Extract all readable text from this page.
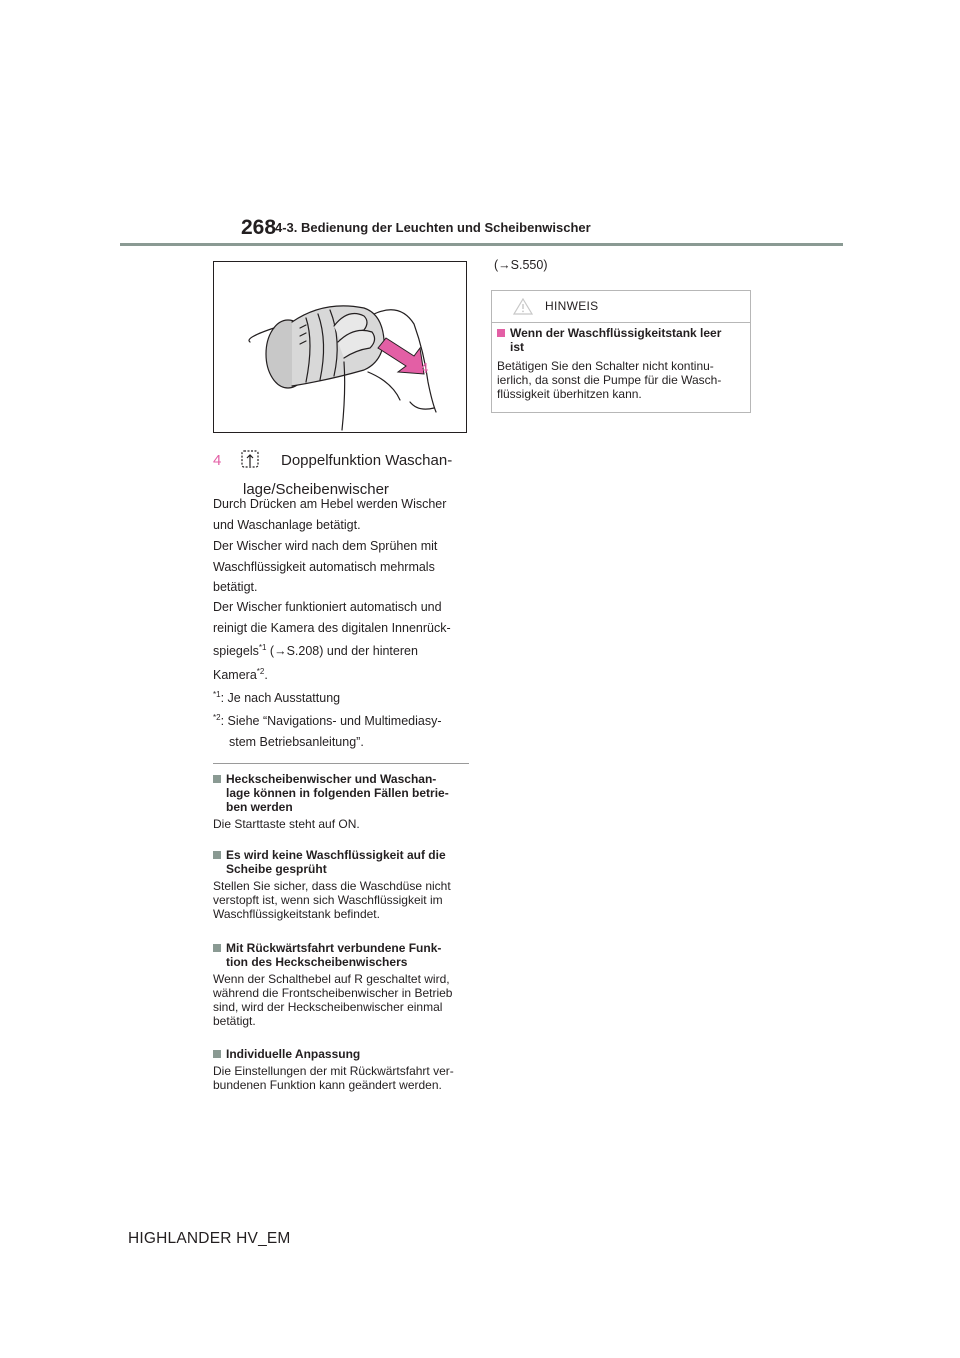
268
4-3. Bedienung der Leuchten und Scheibenwischer
4
4	Doppelfunktion Waschan-
lage/Scheibenwischer
Durch Drücken am Hebel werden Wischer
und Waschanlage betätigt.
Der Wischer wird nach dem Sprühen mit
Waschflüssigkeit automatisch mehrmals
betätigt.
Der Wischer funktioniert automatisch und
reinigt die Kamera des digitalen Innenrück-
spiegels$^{*1}$ (→S.208) und der hinteren
Kamera$^{*2}$.
$^{*1}$: Je nach Ausstattung
$^{*2}$: Siehe “Navigations- und Multimediasy-
stem Betriebsanleitung”.
Heckscheibenwischer und Waschan-
lage können in folgenden Fällen betrie-
ben werden
Die Starttaste steht auf ON.
Es wird keine Waschflüssigkeit auf die
Scheibe gesprüht
Stellen Sie sicher, dass die Waschdüse nicht
verstopft ist, wenn sich Waschflüssigkeit im
Waschflüssigkeitstank befindet.
Mit Rückwärtsfahrt verbundene Funk-
tion des Heckscheibenwischers
Wenn der Schalthebel auf R geschaltet wird,
während die Frontscheibenwischer in Betrieb
sind, wird der Heckscheibenwischer einmal
betätigt.
Individuelle Anpassung
Die Einstellungen der mit Rückwärtsfahrt ver-
bundenen Funktion kann geändert werden.
(→S.550)
HINWEIS
Wenn der Waschflüssigkeitstank leer
ist
Betätigen Sie den Schalter nicht kontinu-
ierlich, da sonst die Pumpe für die Wasch-
flüssigkeit überhitzen kann.
HIGHLANDER HV_EM
